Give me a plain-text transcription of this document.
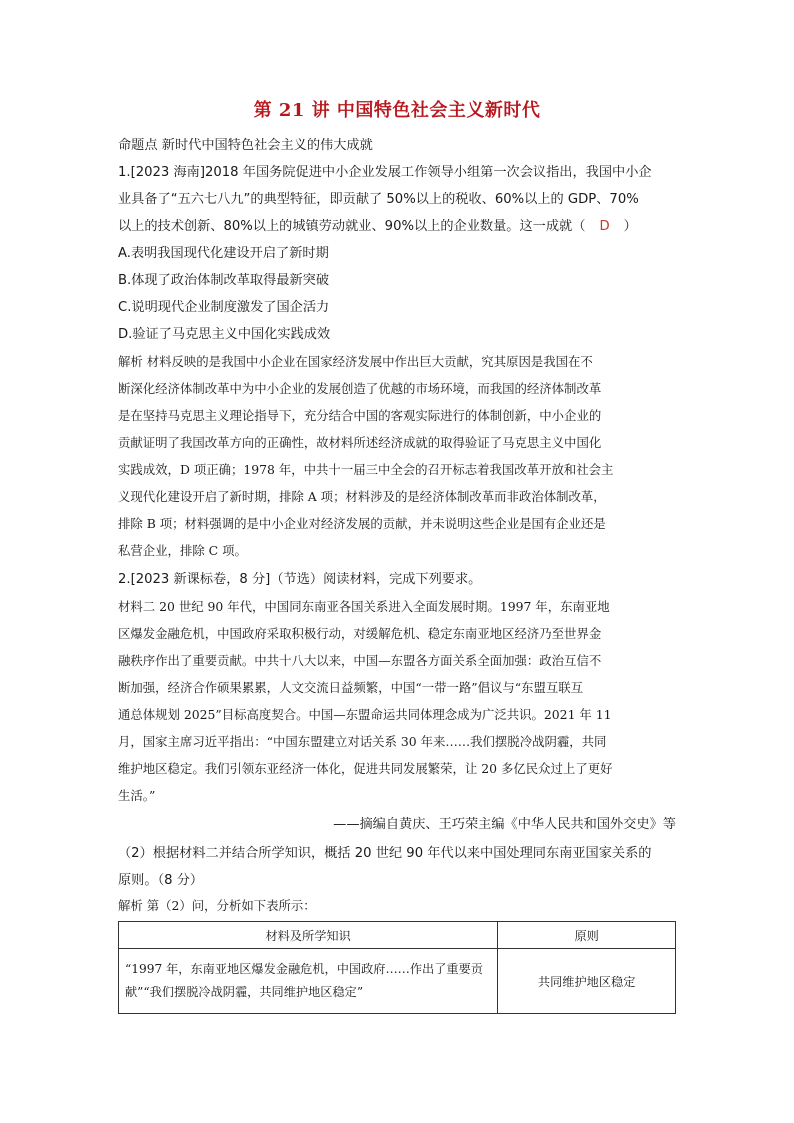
第 21 讲 中国特色社会主义新时代
命题点 新时代中国特色社会主义的伟大成就
1.[2023 海南]2018 年国务院促进中小企业发展工作领导小组第一次会议指出，我国中小企
业具备了“五六七八九”的典型特征，即贡献了 50%以上的税收、60%以上的 GDP、70%
以上的技术创新、80%以上的城镇劳动就业、90%以上的企业数量。这一成就（ D ）
A.表明我国现代化建设开启了新时期
B.体现了政治体制改革取得最新突破
C.说明现代企业制度激发了国企活力
D.验证了马克思主义中国化实践成效
解析 材料反映的是我国中小企业在国家经济发展中作出巨大贡献，究其原因是我国在不
断深化经济体制改革中为中小企业的发展创造了优越的市场环境，而我国的经济体制改革
是在坚持马克思主义理论指导下，充分结合中国的客观实际进行的体制创新，中小企业的
贡献证明了我国改革方向的正确性，故材料所述经济成就的取得验证了马克思主义中国化
实践成效，D 项正确；1978 年，中共十一届三中全会的召开标志着我国改革开放和社会主
义现代化建设开启了新时期，排除 A 项；材料涉及的是经济体制改革而非政治体制改革，
排除 B 项；材料强调的是中小企业对经济发展的贡献，并未说明这些企业是国有企业还是
私营企业，排除 C 项。
2.[2023 新课标卷，8 分]（节选）阅读材料，完成下列要求。
材料二 20 世纪 90 年代，中国同东南亚各国关系进入全面发展时期。1997 年，东南亚地
区爆发金融危机，中国政府采取积极行动，对缓解危机、稳定东南亚地区经济乃至世界金
融秩序作出了重要贡献。中共十八大以来，中国—东盟各方面关系全面加强：政治互信不
断加强，经济合作硕果累累，人文交流日益频繁，中国“一带一路”倡议与“东盟互联互
通总体规划 2025”目标高度契合。中国—东盟命运共同体理念成为广泛共识。2021 年 11
月，国家主席习近平指出：“中国东盟建立对话关系 30 年来……我们摆脱冷战阴霾，共同
维护地区稳定。我们引领东亚经济一体化，促进共同发展繁荣，让 20 多亿民众过上了更好
生活。”
——摘编自黄庆、王巧荣主编《中华人民共和国外交史》等
（2）根据材料二并结合所学知识，概括 20 世纪 90 年代以来中国处理同东南亚国家关系的
原则。（8 分）
解析 第（2）问，分析如下表所示：
材料及所学知识	原则
“1997 年，东南亚地区爆发金融危机，中国政府……作出了重要贡献”“我们摆脱冷战阴霾，共同维护地区稳定”	共同维护地区稳定
